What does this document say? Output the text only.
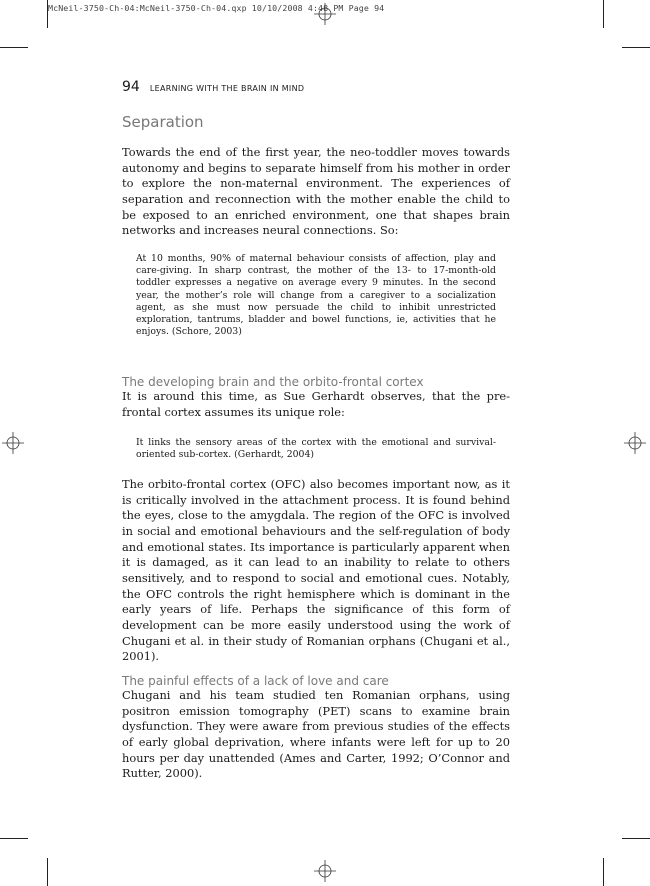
McNeil-3750-Ch-04:McNeil-3750-Ch-04.qxp 10/10/2008 4:48 PM Page 94
94 LEARNING WITH THE BRAIN IN MIND
Separation

Towards the end of the first year, the neo-toddler moves towards autonomy and begins to separate himself from his mother in order to explore the non-maternal environment. The experiences of separation and reconnection with the mother enable the child to be exposed to an enriched environment, one that shapes brain networks and increases neural connections. So:

At 10 months, 90% of maternal behaviour consists of affection, play and care-giving. In sharp contrast, the mother of the 13- to 17-month-old toddler expresses a negative on average every 9 minutes. In the second year, the mother’s role will change from a caregiver to a socialization agent, as she must now persuade the child to inhibit unrestricted exploration, tantrums, bladder and bowel functions, ie, activities that he enjoys. (Schore, 2003)

The developing brain and the orbito-frontal cortex

It is around this time, as Sue Gerhardt observes, that the pre-frontal cortex assumes its unique role:

It links the sensory areas of the cortex with the emotional and survival-oriented sub-cortex. (Gerhardt, 2004)

The orbito-frontal cortex (OFC) also becomes important now, as it is critically involved in the attachment process. It is found behind the eyes, close to the amygdala. The region of the OFC is involved in social and emotional behaviours and the self-regulation of body and emotional states. Its importance is particularly apparent when it is damaged, as it can lead to an inability to relate to others sensitively, and to respond to social and emotional cues. Notably, the OFC controls the right hemisphere which is dominant in the early years of life. Perhaps the significance of this form of development can be more easily understood using the work of Chugani et al. in their study of Romanian orphans (Chugani et al., 2001).

The painful effects of a lack of love and care

Chugani and his team studied ten Romanian orphans, using positron emission tomography (PET) scans to examine brain dysfunction. They were aware from previous studies of the effects of early global deprivation, where infants were left for up to 20 hours per day unattended (Ames and Carter, 1992; O’Connor and Rutter, 2000).
